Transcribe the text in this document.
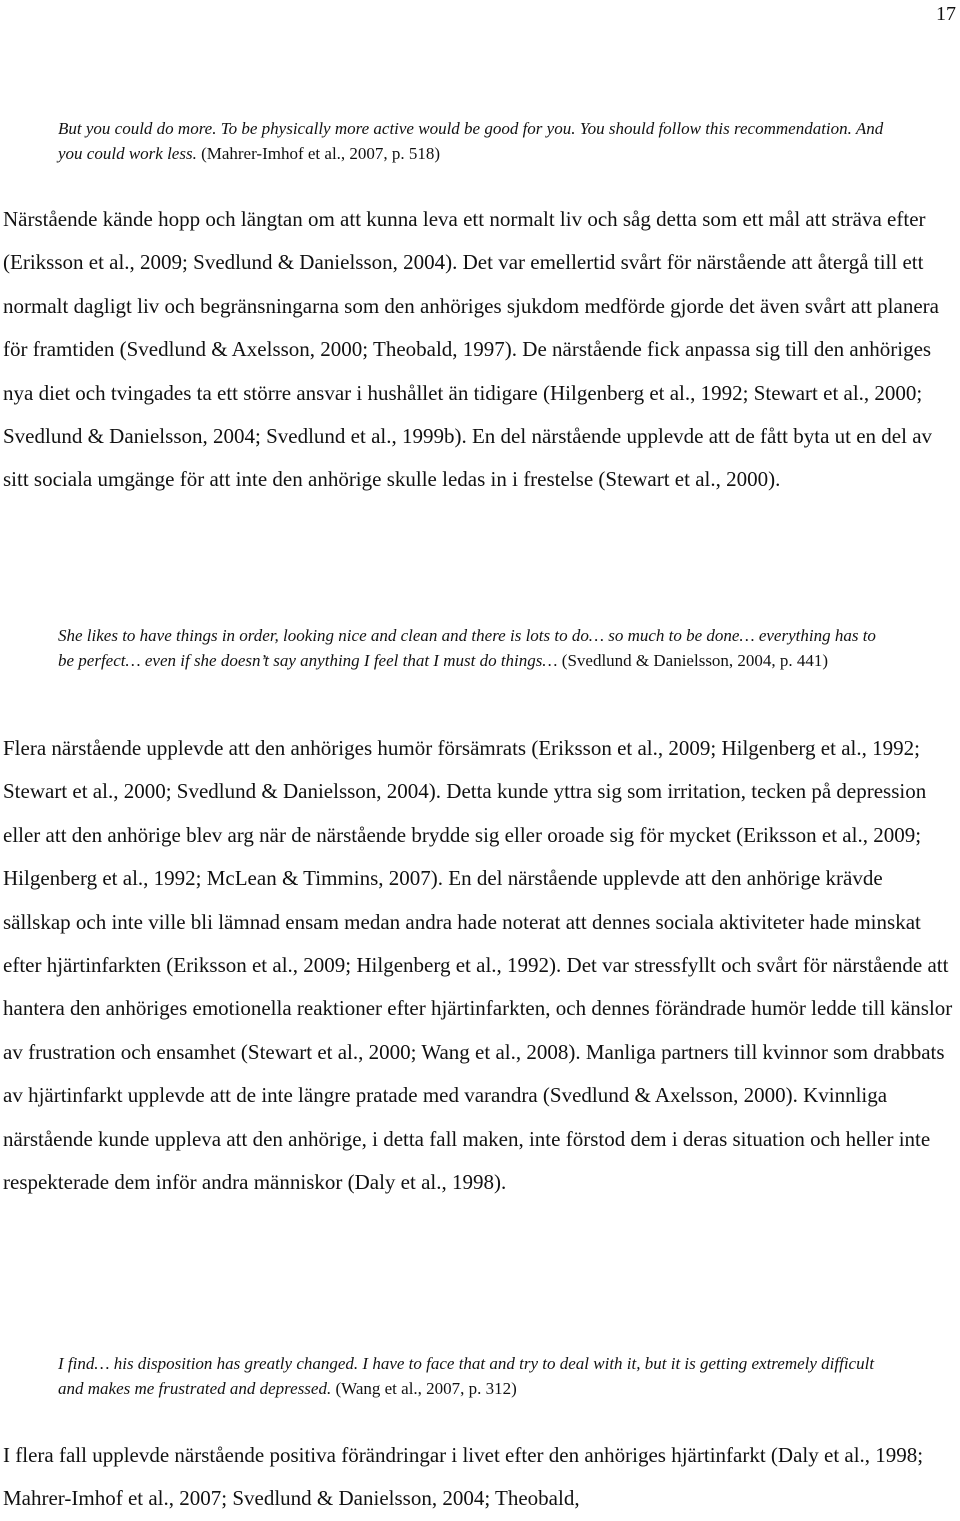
17
But you could do more. To be physically more active would be good for you. You should follow this recommendation. And you could work less. (Mahrer-Imhof et al., 2007, p. 518)

Närstående kände hopp och längtan om att kunna leva ett normalt liv och såg detta som ett mål att sträva efter (Eriksson et al., 2009; Svedlund & Danielsson, 2004). Det var emellertid svårt för närstående att återgå till ett normalt dagligt liv och begränsningarna som den anhöriges sjukdom medförde gjorde det även svårt att planera för framtiden (Svedlund & Axelsson, 2000; Theobald, 1997). De närstående fick anpassa sig till den anhöriges nya diet och tvingades ta ett större ansvar i hushållet än tidigare (Hilgenberg et al., 1992; Stewart et al., 2000; Svedlund & Danielsson, 2004; Svedlund et al., 1999b). En del närstående upplevde att de fått byta ut en del av sitt sociala umgänge för att inte den anhörige skulle ledas in i frestelse (Stewart et al., 2000).

She likes to have things in order, looking nice and clean and there is lots to do… so much to be done… everything has to be perfect… even if she doesn’t say anything I feel that I must do things… (Svedlund & Danielsson, 2004, p. 441)

Flera närstående upplevde att den anhöriges humör försämrats (Eriksson et al., 2009; Hilgenberg et al., 1992; Stewart et al., 2000; Svedlund & Danielsson, 2004). Detta kunde yttra sig som irritation, tecken på depression eller att den anhörige blev arg när de närstående brydde sig eller oroade sig för mycket (Eriksson et al., 2009; Hilgenberg et al., 1992; McLean & Timmins, 2007). En del närstående upplevde att den anhörige krävde sällskap och inte ville bli lämnad ensam medan andra hade noterat att dennes sociala aktiviteter hade minskat efter hjärtinfarkten (Eriksson et al., 2009; Hilgenberg et al., 1992). Det var stressfyllt och svårt för närstående att hantera den anhöriges emotionella reaktioner efter hjärtinfarkten, och dennes förändrade humör ledde till känslor av frustration och ensamhet (Stewart et al., 2000; Wang et al., 2008). Manliga partners till kvinnor som drabbats av hjärtinfarkt upplevde att de inte längre pratade med varandra (Svedlund & Axelsson, 2000). Kvinnliga närstående kunde uppleva att den anhörige, i detta fall maken, inte förstod dem i deras situation och heller inte respekterade dem inför andra människor (Daly et al., 1998).

I find… his disposition has greatly changed. I have to face that and try to deal with it, but it is getting extremely difficult and makes me frustrated and depressed. (Wang et al., 2007, p. 312)

I flera fall upplevde närstående positiva förändringar i livet efter den anhöriges hjärtinfarkt (Daly et al., 1998; Mahrer-Imhof et al., 2007; Svedlund & Danielsson, 2004; Theobald,
